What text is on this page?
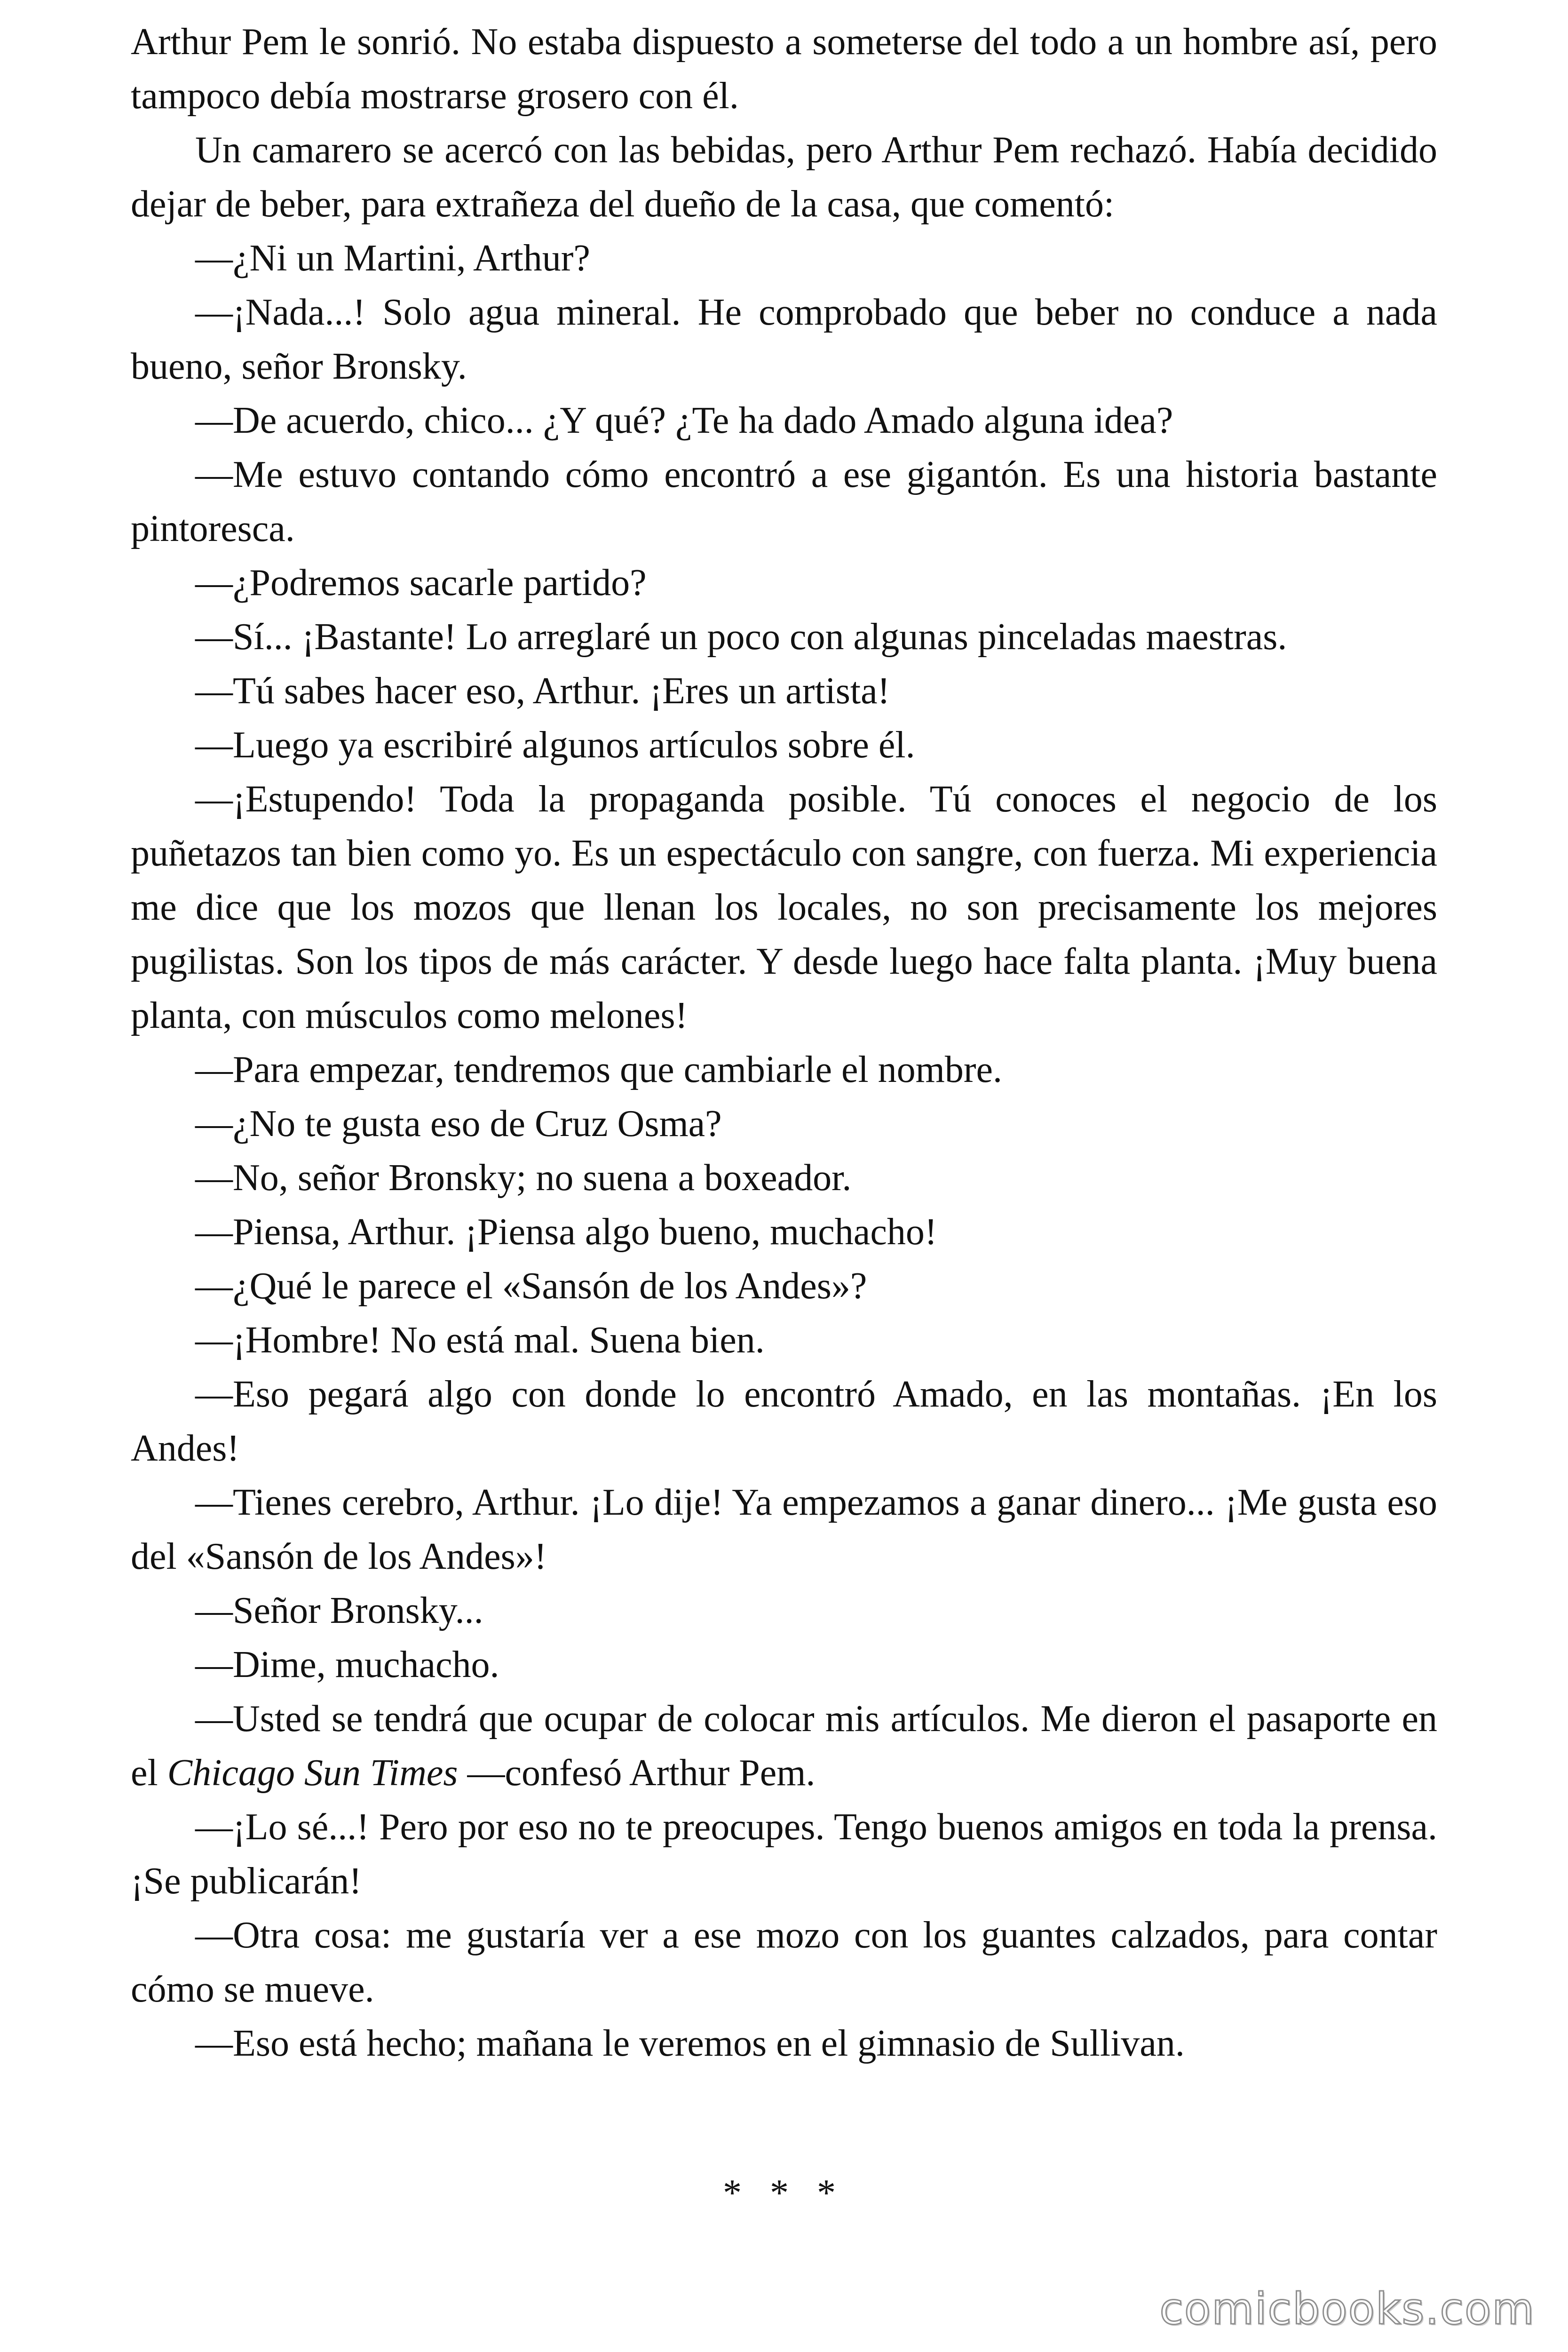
Arthur Pem le sonrió. No estaba dispuesto a someterse del todo a un hombre así, pero tampoco debía mostrarse grosero con él.

Un camarero se acercó con las bebidas, pero Arthur Pem rechazó. Había decidido dejar de beber, para extrañeza del dueño de la casa, que comentó:

—¿Ni un Martini, Arthur?

—¡Nada...! Solo agua mineral. He comprobado que beber no conduce a nada bueno, señor Bronsky.

—De acuerdo, chico... ¿Y qué? ¿Te ha dado Amado alguna idea?

—Me estuvo contando cómo encontró a ese gigantón. Es una historia bastante pintoresca.

—¿Podremos sacarle partido?

—Sí... ¡Bastante! Lo arreglaré un poco con algunas pinceladas maestras.

—Tú sabes hacer eso, Arthur. ¡Eres un artista!

—Luego ya escribiré algunos artículos sobre él.

—¡Estupendo! Toda la propaganda posible. Tú conoces el negocio de los puñetazos tan bien como yo. Es un espectáculo con sangre, con fuerza. Mi experiencia me dice que los mozos que llenan los locales, no son precisamente los mejores pugilistas. Son los tipos de más carácter. Y desde luego hace falta planta. ¡Muy buena planta, con músculos como melones!

—Para empezar, tendremos que cambiarle el nombre.

—¿No te gusta eso de Cruz Osma?

—No, señor Bronsky; no suena a boxeador.

—Piensa, Arthur. ¡Piensa algo bueno, muchacho!

—¿Qué le parece el «Sansón de los Andes»?

—¡Hombre! No está mal. Suena bien.

—Eso pegará algo con donde lo encontró Amado, en las montañas. ¡En los Andes!

—Tienes cerebro, Arthur. ¡Lo dije! Ya empezamos a ganar dinero... ¡Me gusta eso del «Sansón de los Andes»!

—Señor Bronsky...

—Dime, muchacho.

—Usted se tendrá que ocupar de colocar mis artículos. Me dieron el pasaporte en el Chicago Sun Times —confesó Arthur Pem.

—¡Lo sé...! Pero por eso no te preocupes. Tengo buenos amigos en toda la prensa. ¡Se publicarán!

—Otra cosa: me gustaría ver a ese mozo con los guantes calzados, para contar cómo se mueve.

—Eso está hecho; mañana le veremos en el gimnasio de Sullivan.

* * *
comicbooks.com
